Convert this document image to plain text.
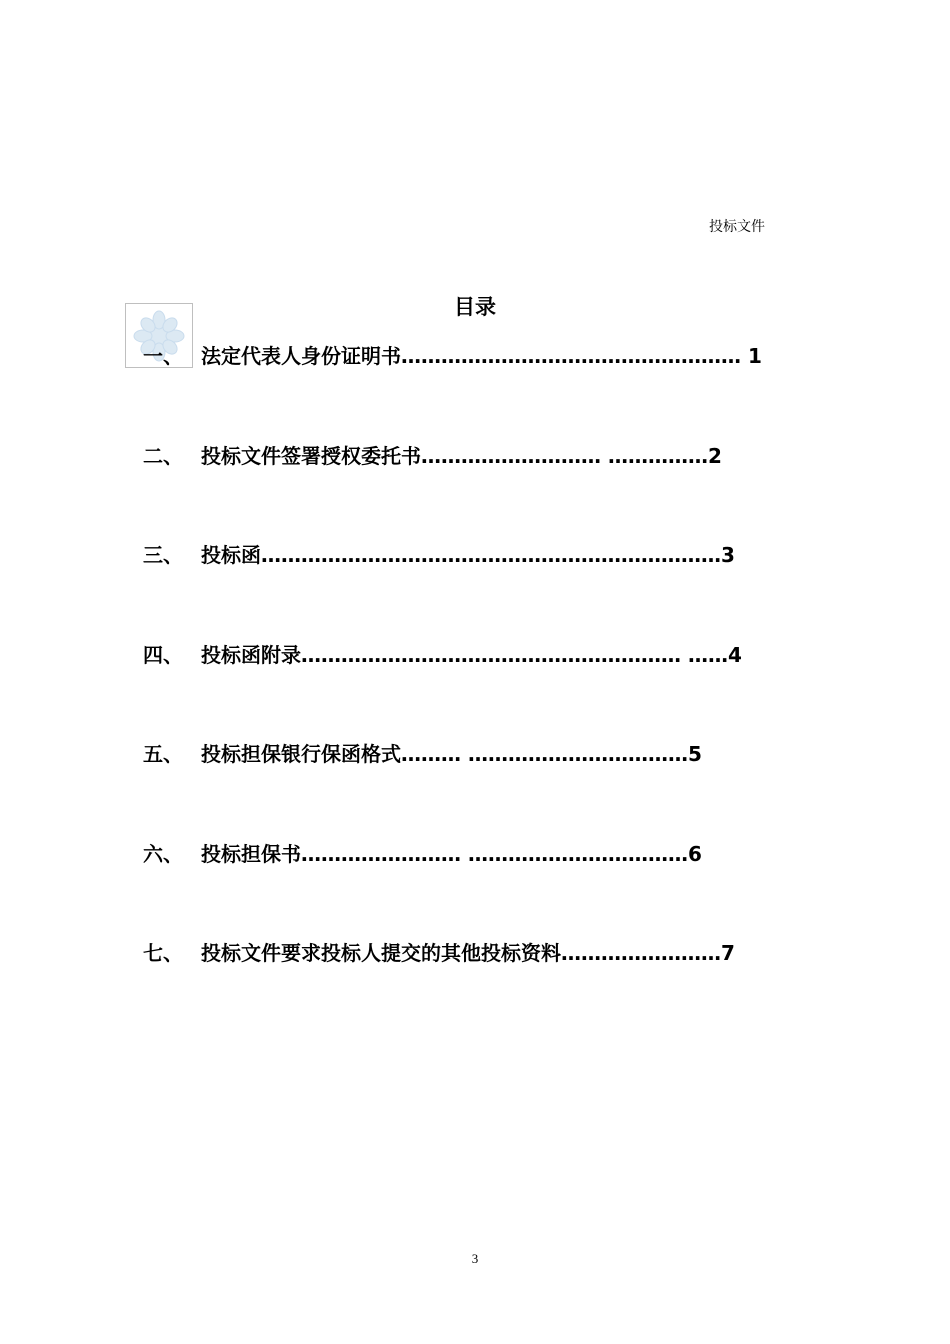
投标文件
目录
一、 法定代表人身份证明书…………………………………………… 1
二、 投标文件签署授权委托书……………………… ……………2
三、 投标函……………………………………………………………3
四、 投标函附录………………………………………………… ……4
五、 投标担保银行保函格式……… ……………………………5
六、 投标担保书…………………… ……………………………6
七、 投标文件要求投标人提交的其他投标资料……………………7
3
